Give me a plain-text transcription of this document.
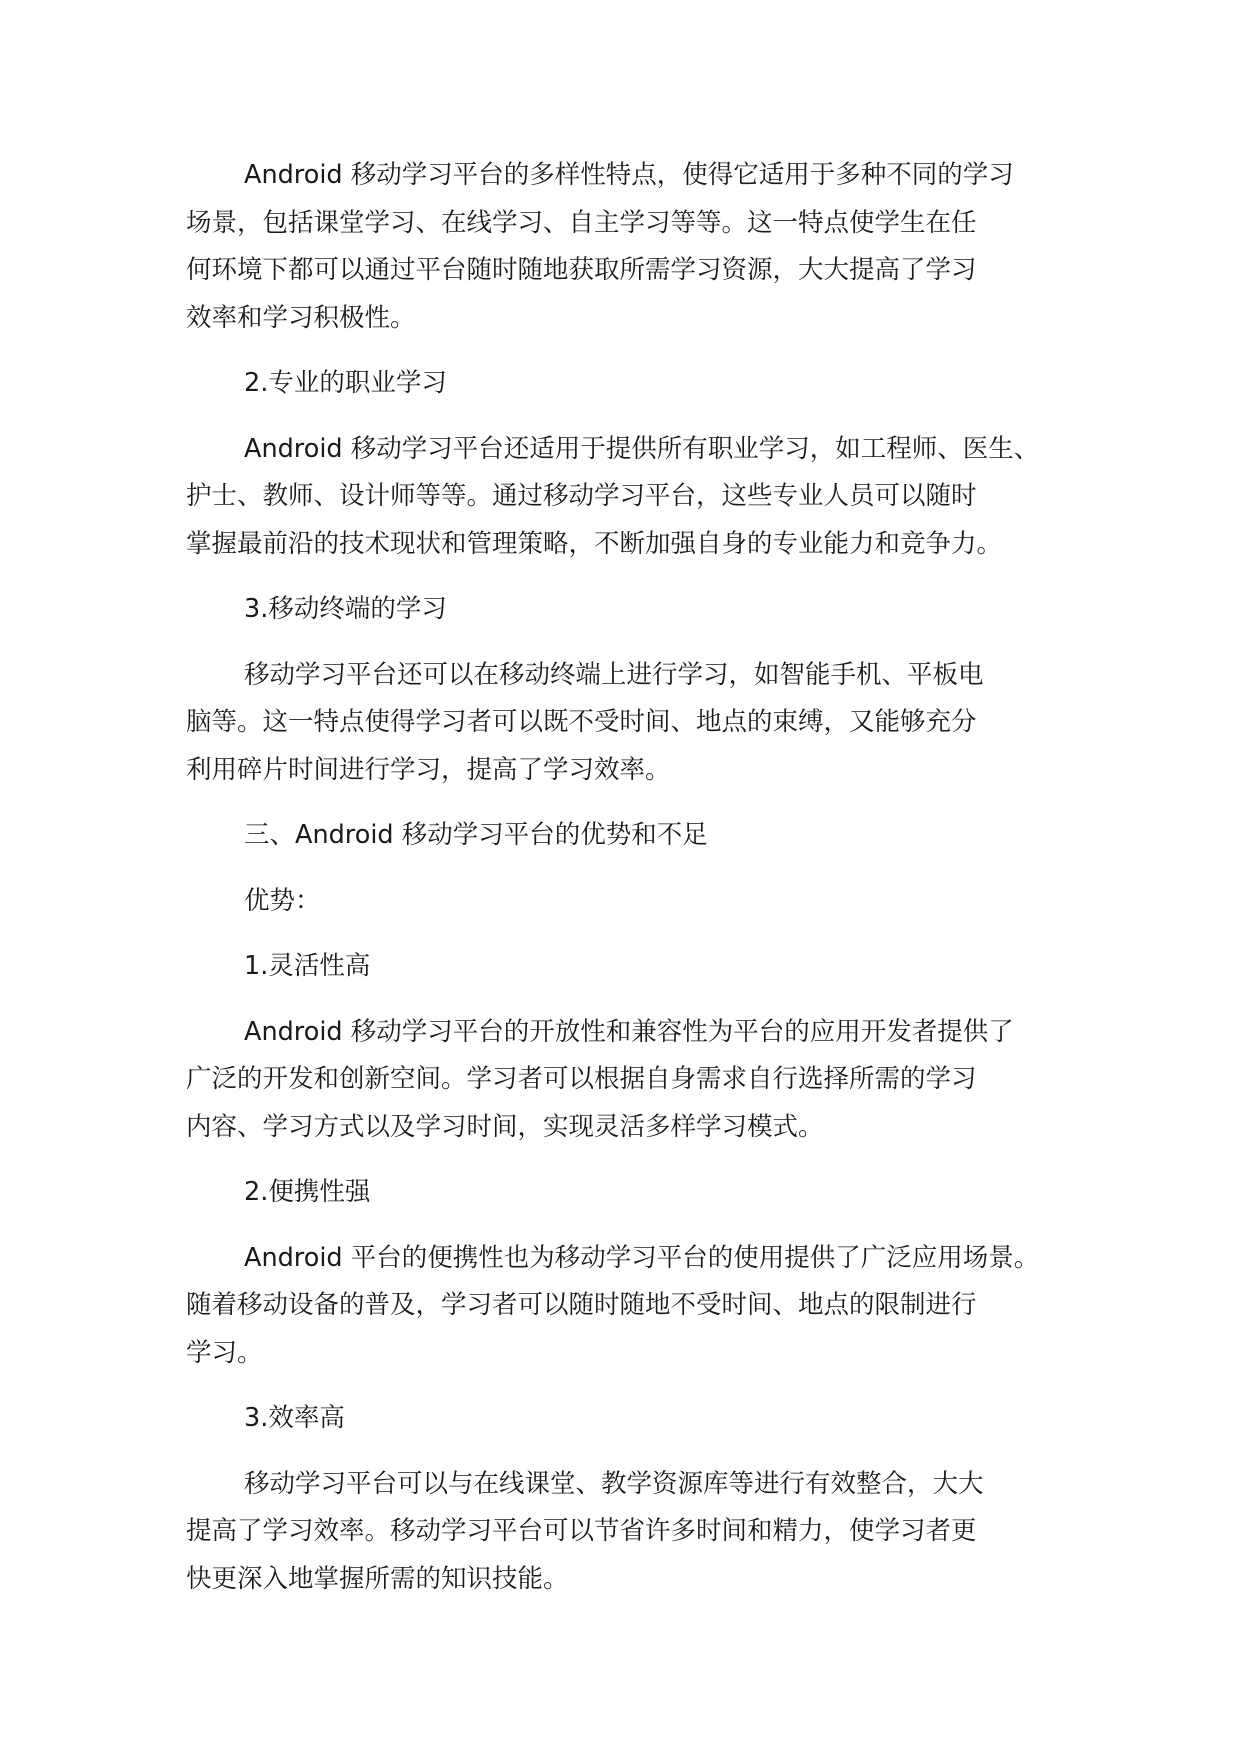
Android 移动学习平台的多样性特点，使得它适用于多种不同的学习
场景，包括课堂学习、在线学习、自主学习等等。这一特点使学生在任
何环境下都可以通过平台随时随地获取所需学习资源，大大提高了学习
效率和学习积极性。

2.专业的职业学习

Android 移动学习平台还适用于提供所有职业学习，如工程师、医生、
护士、教师、设计师等等。通过移动学习平台，这些专业人员可以随时
掌握最前沿的技术现状和管理策略，不断加强自身的专业能力和竞争力。

3.移动终端的学习

移动学习平台还可以在移动终端上进行学习，如智能手机、平板电
脑等。这一特点使得学习者可以既不受时间、地点的束缚，又能够充分
利用碎片时间进行学习，提高了学习效率。

三、Android 移动学习平台的优势和不足

优势：

1.灵活性高

Android 移动学习平台的开放性和兼容性为平台的应用开发者提供了
广泛的开发和创新空间。学习者可以根据自身需求自行选择所需的学习
内容、学习方式以及学习时间，实现灵活多样学习模式。

2.便携性强

Android 平台的便携性也为移动学习平台的使用提供了广泛应用场景。
随着移动设备的普及，学习者可以随时随地不受时间、地点的限制进行
学习。

3.效率高

移动学习平台可以与在线课堂、教学资源库等进行有效整合，大大
提高了学习效率。移动学习平台可以节省许多时间和精力，使学习者更
快更深入地掌握所需的知识技能。
